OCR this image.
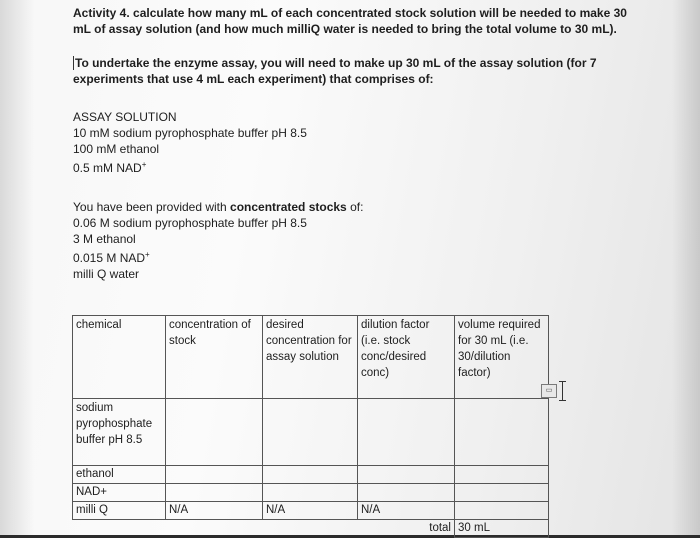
Activity 4. calculate how many mL of each concentrated stock solution will be needed to make 30 mL of assay solution (and how much milliQ water is needed to bring the total volume to 30 mL).
To undertake the enzyme assay, you will need to make up 30 mL of the assay solution (for 7 experiments that use 4 mL each experiment) that comprises of:
ASSAY SOLUTION
10 mM sodium pyrophosphate buffer pH 8.5
100 mM ethanol
0.5 mM NAD+
You have been provided with concentrated stocks of:
0.06 M sodium pyrophosphate buffer pH 8.5
3 M ethanol
0.015 M NAD+
milli Q water
chemical	concentration of stock	desired concentration for assay solution	dilution factor (i.e. stock conc/desired conc)	volume required for 30 mL (i.e. 30/dilution factor)
sodium pyrophosphate buffer pH 8.5				
ethanol				
NAD+				
milli Q	N/A	N/A	N/A	
			total	30 mL
▭
